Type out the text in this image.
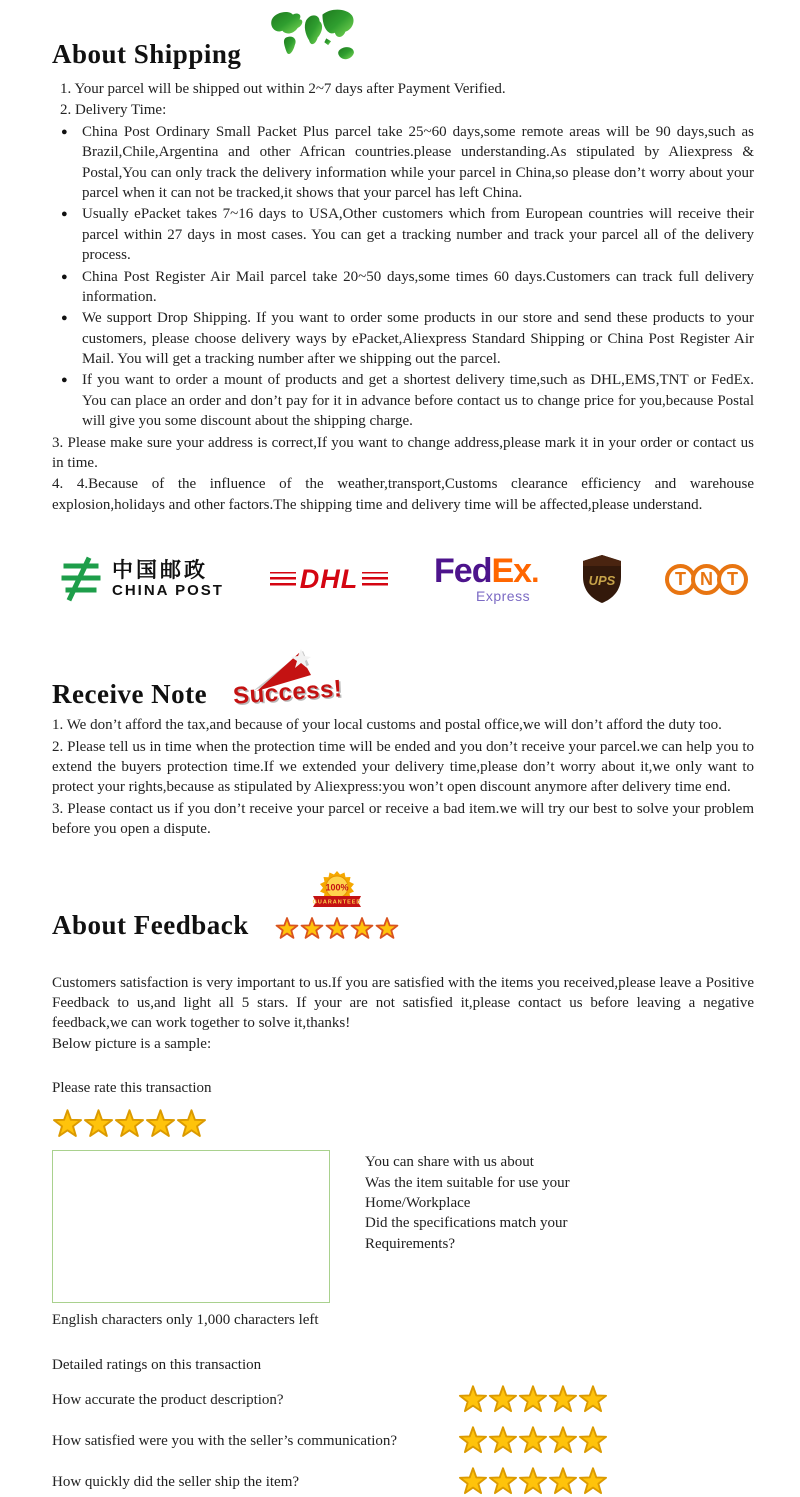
About Shipping
1. Your parcel will be shipped out within 2~7 days after Payment Verified.
2. Delivery Time:
● China Post Ordinary Small Packet Plus parcel take 25~60 days,some remote areas will be 90 days,such as Brazil,Chile,Argentina and other African countries.please understanding.As stipulated by Aliexpress & Postal,You can only track the delivery information while your parcel in China,so please don’t worry about your parcel when it can not be tracked,it shows that your parcel has left China.
● Usually ePacket takes 7~16 days to USA,Other customers which from European countries will receive their parcel within 27 days in most cases. You can get a tracking number and track your parcel all of the delivery process.
● China Post Register Air Mail parcel take 20~50 days,some times 60 days.Customers can track full delivery information.
● We support Drop Shipping. If you want to order some products in our store and send these products to your customers, please choose delivery ways by ePacket,Aliexpress Standard Shipping or China Post Register Air Mail. You will get a tracking number after we shipping out the parcel.
● If you want to order a mount of products and get a shortest delivery time,such as DHL,EMS,TNT or FedEx. You can place an order and don’t pay for it in advance before contact us to change price for you,because Postal will give you some discount about the shipping charge.
3. Please make sure your address is correct,If you want to change address,please mark it in your order or contact us in time.
4. 4.Because of the influence of the weather,transport,Customs clearance efficiency and warehouse explosion,holidays and other factors.The shipping time and delivery time will be affected,please understand.
中国邮政
CHINA POST	DHL FedEx.
Express
UPS	T N T
Receive Note Success!
1. We don’t afford the tax,and because of your local customs and postal office,we will don’t afford the duty too.
2. Please tell us in time when the protection time will be ended and you don’t receive your parcel.we can help you to extend the buyers protection time.If we extended your delivery time,please don’t worry about it,we only want to protect your rights,because as stipulated by Aliexpress:you won’t open discount anymore after delivery time end.
3. Please contact us if you don’t receive your parcel or receive a bad item.we will try our best to solve your problem before you open a dispute.
About Feedback
100%
GUARANTEED
Customers satisfaction is very important to us.If you are satisfied with the items you received,please leave a Positive Feedback to us,and light all 5 stars. If your are not satisfied it,please contact us before leaving a negative feedback,we can work together to solve it,thanks!
Below picture is a sample:
Please rate this transaction
You can share with us about
Was the item suitable for use your
Home/Workplace
Did the specifications match your
Requirements?
English characters only 1,000 characters left
Detailed ratings on this transaction
How accurate the product description?
How satisfied were you with the seller’s communication?
How quickly did the seller ship the item?
